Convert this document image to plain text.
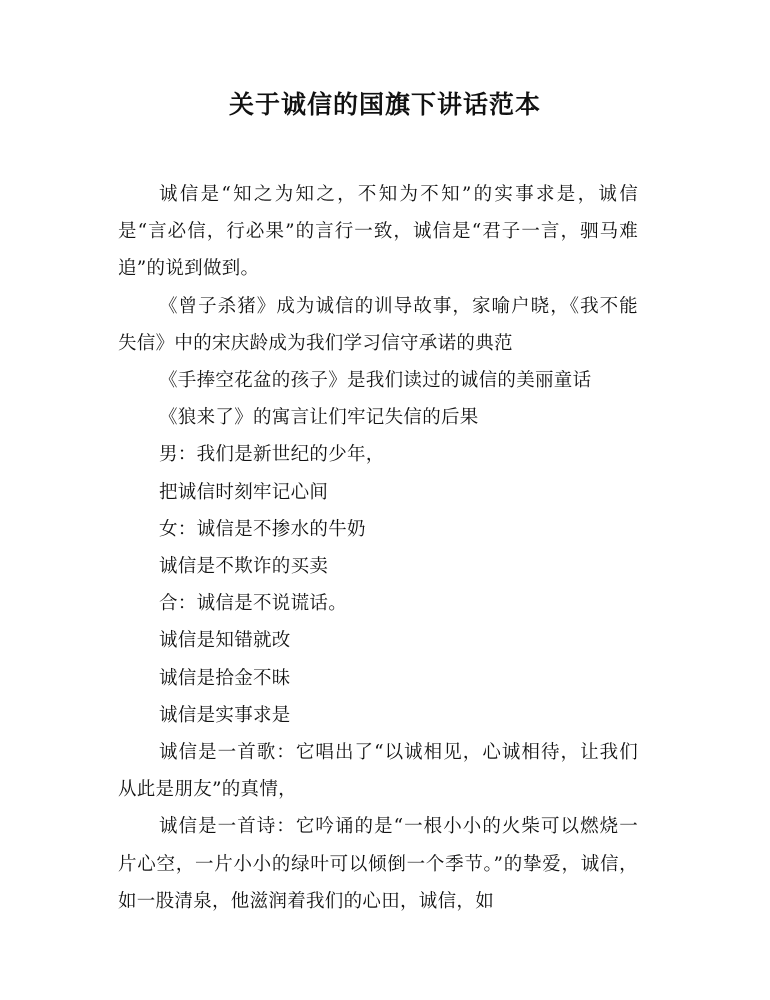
关于诚信的国旗下讲话范本

诚信是“知之为知之，不知为不知”的实事求是，诚信是“言必信，行必果”的言行一致，诚信是“君子一言，驷马难追”的说到做到。

《曾子杀猪》成为诚信的训导故事，家喻户晓，《我不能失信》中的宋庆龄成为我们学习信守承诺的典范

《手捧空花盆的孩子》是我们读过的诚信的美丽童话

《狼来了》的寓言让们牢记失信的后果

男：我们是新世纪的少年，

把诚信时刻牢记心间

女：诚信是不掺水的牛奶

诚信是不欺诈的买卖

合：诚信是不说谎话。

诚信是知错就改

诚信是拾金不昧

诚信是实事求是

诚信是一首歌：它唱出了“以诚相见，心诚相待，让我们从此是朋友”的真情，

诚信是一首诗：它吟诵的是“一根小小的火柴可以燃烧一片心空，一片小小的绿叶可以倾倒一个季节。”的挚爱，诚信，如一股清泉，他滋润着我们的心田，诚信，如
